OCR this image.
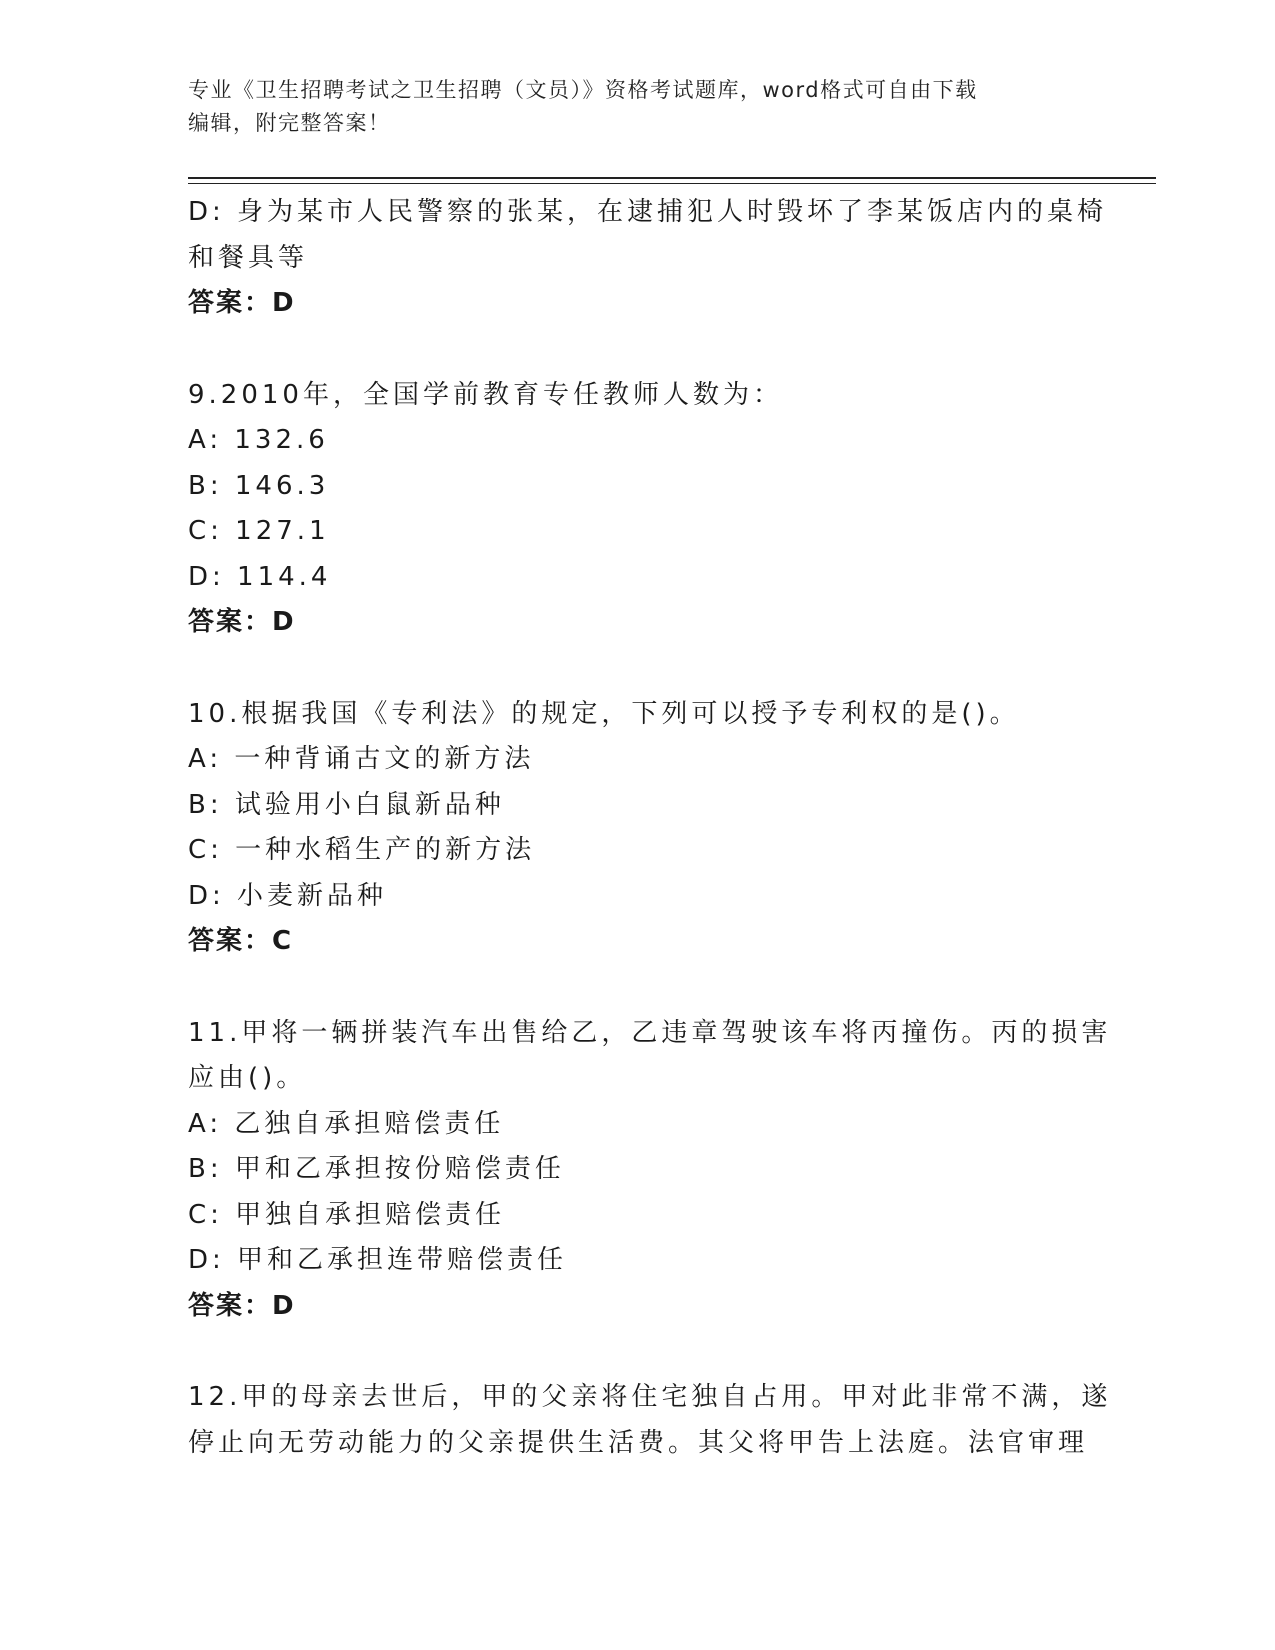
专业《卫生招聘考试之卫生招聘（文员）》资格考试题库，word格式可自由下载
编辑，附完整答案！
D: 身为某市人民警察的张某，在逮捕犯人时毁坏了李某饭店内的桌椅
和餐具等
答案：D
9.2010年，全国学前教育专任教师人数为：
A: 132.6
B: 146.3
C: 127.1
D: 114.4
答案：D
10.根据我国《专利法》的规定，下列可以授予专利权的是()。
A: 一种背诵古文的新方法
B: 试验用小白鼠新品种
C: 一种水稻生产的新方法
D: 小麦新品种
答案：C
11.甲将一辆拼装汽车出售给乙，乙违章驾驶该车将丙撞伤。丙的损害
应由()。
A: 乙独自承担赔偿责任
B: 甲和乙承担按份赔偿责任
C: 甲独自承担赔偿责任
D: 甲和乙承担连带赔偿责任
答案：D
12.甲的母亲去世后，甲的父亲将住宅独自占用。甲对此非常不满，遂
停止向无劳动能力的父亲提供生活费。其父将甲告上法庭。法官审理
